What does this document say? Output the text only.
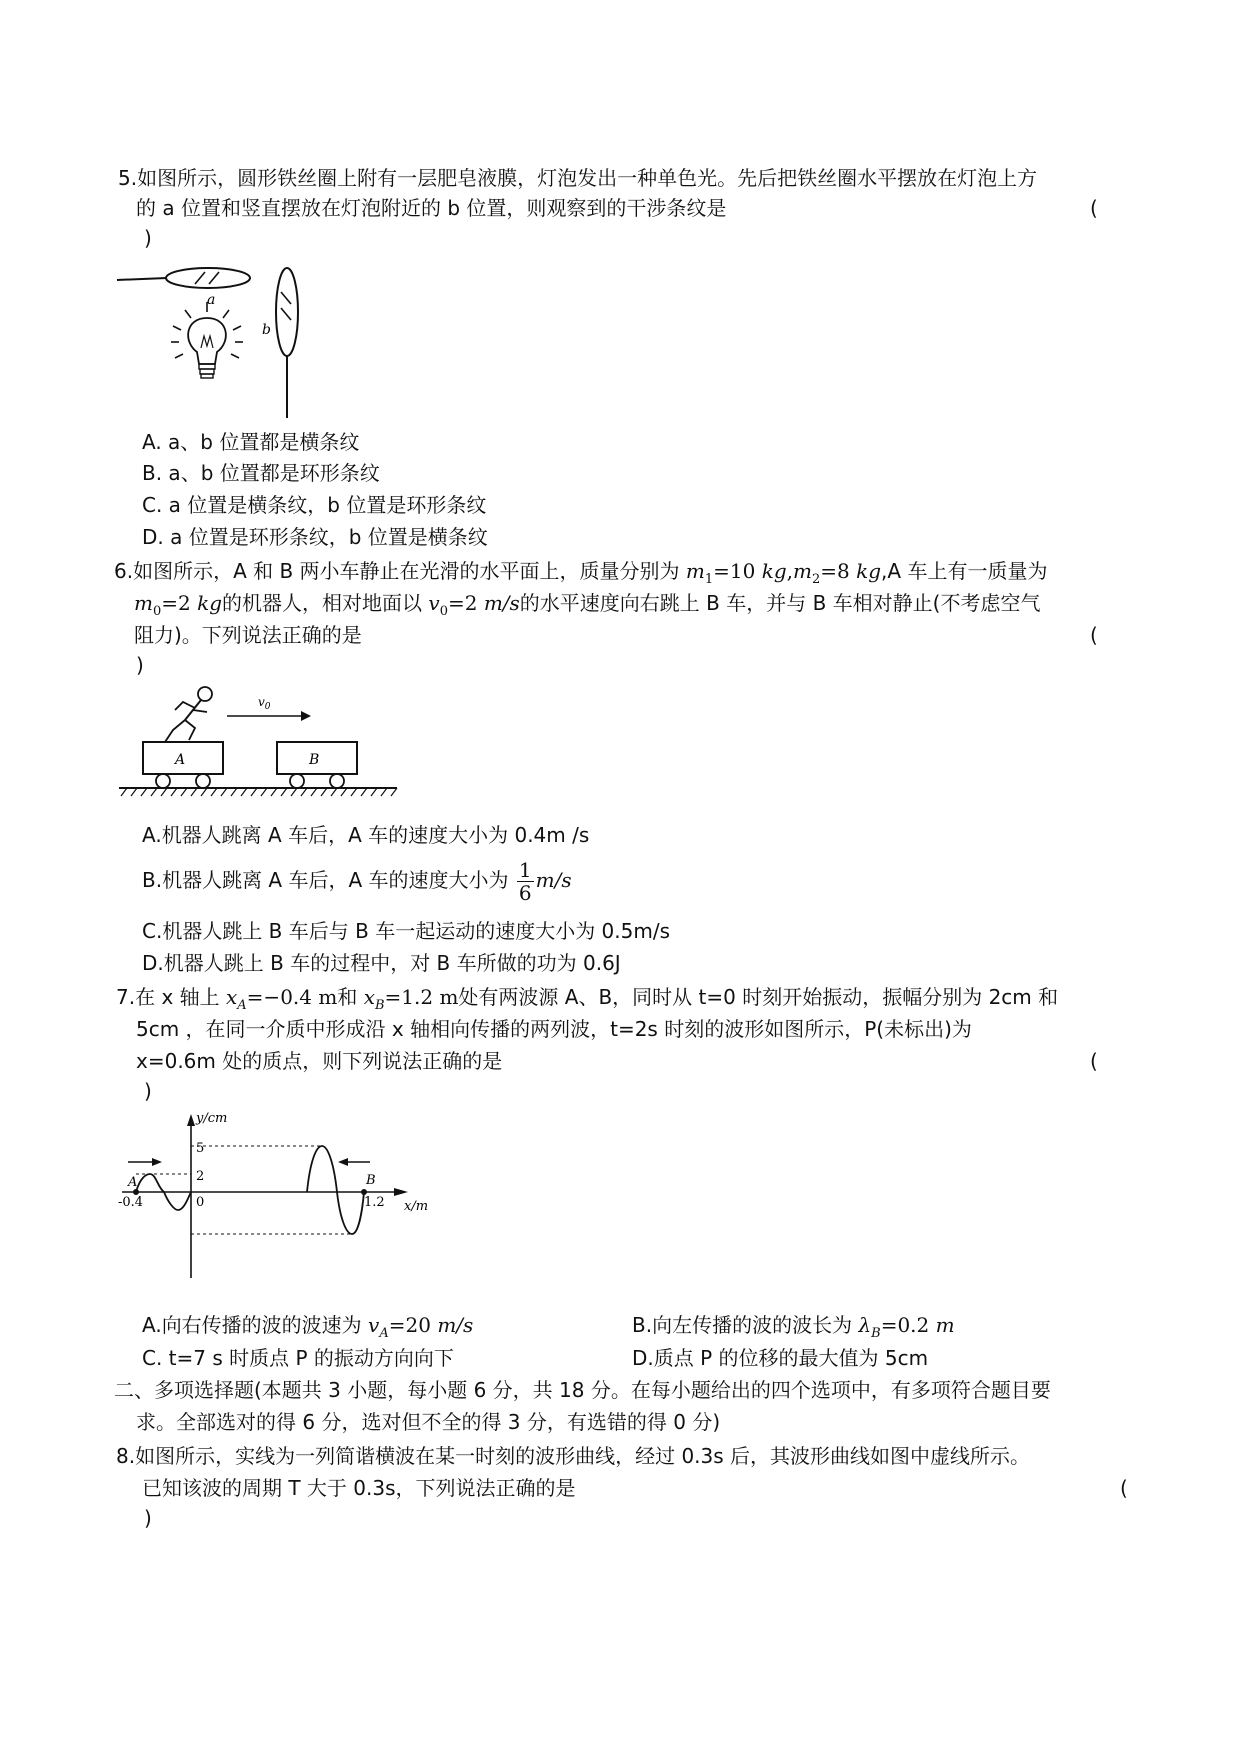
5.如图所示，圆形铁丝圈上附有一层肥皂液膜，灯泡发出一种单色光。先后把铁丝圈水平摆放在灯泡上方
的 a 位置和竖直摆放在灯泡附近的 b 位置，则观察到的干涉条纹是	(
)
a
b
A. a、b 位置都是横条纹
B. a、b 位置都是环形条纹
C. a 位置是横条纹，b 位置是环形条纹
D. a 位置是环形条纹，b 位置是横条纹
6.如图所示，A 和 B 两小车静止在光滑的水平面上，质量分别为 $m_1=10$ $kg,m_2=8$ kg,A 车上有一质量为
$m_0=2$ kg的机器人，相对地面以 $v_0=2$ m/s的水平速度向右跳上 B 车，并与 B 车相对静止(不考虑空气
阻力)。下列说法正确的是	(
)
$v_0$
A	B
A.机器人跳离 A 车后，A 车的速度大小为 0.4m /s
B.机器人跳离 A 车后，A 车的速度大小为 $\frac{1}{6} m/s$
C.机器人跳上 B 车后与 B 车一起运动的速度大小为 0.5m/s
D.机器人跳上 B 车的过程中，对 B 车所做的功为 0.6J
7.在 x 轴上 $x_A=-0.4$ m和 $x_B=1.2$ m处有两波源 A、B，同时从 t=0 时刻开始振动，振幅分别为 2cm 和
5cm ，在同一介质中形成沿 x 轴相向传播的两列波，t=2s 时刻的波形如图所示，P(未标出)为
x=0.6m 处的质点，则下列说法正确的是	(
)
y/cm
x/m
5
2
0
-0.4	1.2
A	B
A.向右传播的波的波速为 $v_A=20$ m/s	B.向左传播的波的波长为 $\lambda_B=0.2$ m
C. t=7 s 时质点 P 的振动方向向下	D.质点 P 的位移的最大值为 5cm
二、多项选择题(本题共 3 小题，每小题 6 分，共 18 分。在每小题给出的四个选项中，有多项符合题目要
求。全部选对的得 6 分，选对但不全的得 3 分，有选错的得 0 分)
8.如图所示，实线为一列简谐横波在某一时刻的波形曲线，经过 0.3s 后，其波形曲线如图中虚线所示。
已知该波的周期 T 大于 0.3s，下列说法正确的是	(
)
